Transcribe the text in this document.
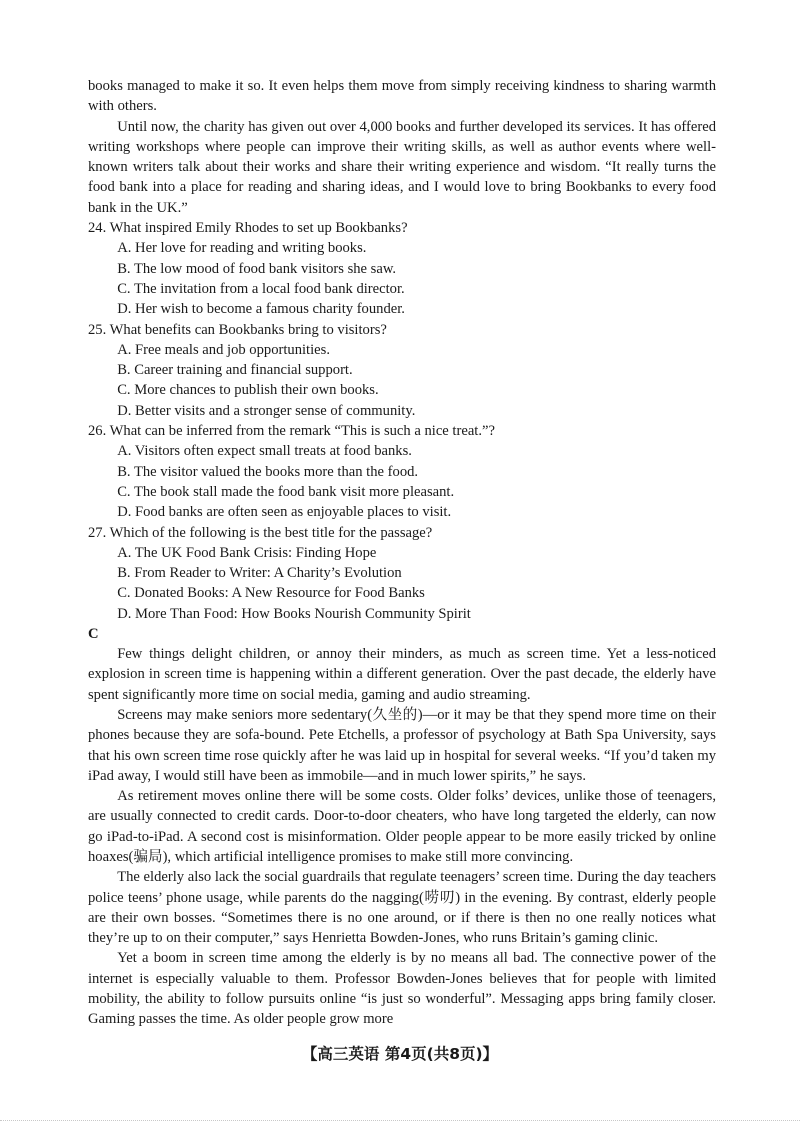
books managed to make it so. It even helps them move from simply receiving kindness to sharing warmth with others.

Until now, the charity has given out over 4,000 books and further developed its services. It has offered writing workshops where people can improve their writing skills, as well as author events where well-known writers talk about their works and share their writing experience and wisdom. “It really turns the food bank into a place for reading and sharing ideas, and I would love to bring Bookbanks to every food bank in the UK.”

24. What inspired Emily Rhodes to set up Bookbanks?

A. Her love for reading and writing books.

B. The low mood of food bank visitors she saw.

C. The invitation from a local food bank director.

D. Her wish to become a famous charity founder.

25. What benefits can Bookbanks bring to visitors?

A. Free meals and job opportunities.

B. Career training and financial support.

C. More chances to publish their own books.

D. Better visits and a stronger sense of community.

26. What can be inferred from the remark “This is such a nice treat.”?

A. Visitors often expect small treats at food banks.

B. The visitor valued the books more than the food.

C. The book stall made the food bank visit more pleasant.

D. Food banks are often seen as enjoyable places to visit.

27. Which of the following is the best title for the passage?

A. The UK Food Bank Crisis: Finding Hope

B. From Reader to Writer: A Charity’s Evolution

C. Donated Books: A New Resource for Food Banks

D. More Than Food: How Books Nourish Community Spirit

C

Few things delight children, or annoy their minders, as much as screen time. Yet a less-noticed explosion in screen time is happening within a different generation. Over the past decade, the elderly have spent significantly more time on social media, gaming and audio streaming.

Screens may make seniors more sedentary(久坐的)—or it may be that they spend more time on their phones because they are sofa-bound. Pete Etchells, a professor of psychology at Bath Spa University, says that his own screen time rose quickly after he was laid up in hospital for several weeks. “If you’d taken my iPad away, I would still have been as immobile—and in much lower spirits,” he says.

As retirement moves online there will be some costs. Older folks’ devices, unlike those of teenagers, are usually connected to credit cards. Door-to-door cheaters, who have long targeted the elderly, can now go iPad-to-iPad. A second cost is misinformation. Older people appear to be more easily tricked by online hoaxes(骗局), which artificial intelligence promises to make still more convincing.

The elderly also lack the social guardrails that regulate teenagers’ screen time. During the day teachers police teens’ phone usage, while parents do the nagging(唠叨) in the evening. By contrast, elderly people are their own bosses. “Sometimes there is no one around, or if there is then no one really notices what they’re up to on their computer,” says Henrietta Bowden-Jones, who runs Britain’s gaming clinic.

Yet a boom in screen time among the elderly is by no means all bad. The connective power of the internet is especially valuable to them. Professor Bowden-Jones believes that for people with limited mobility, the ability to follow pursuits online “is just so wonderful”. Messaging apps bring family closer. Gaming passes the time. As older people grow more

【高三英语 第4页(共8页)】
